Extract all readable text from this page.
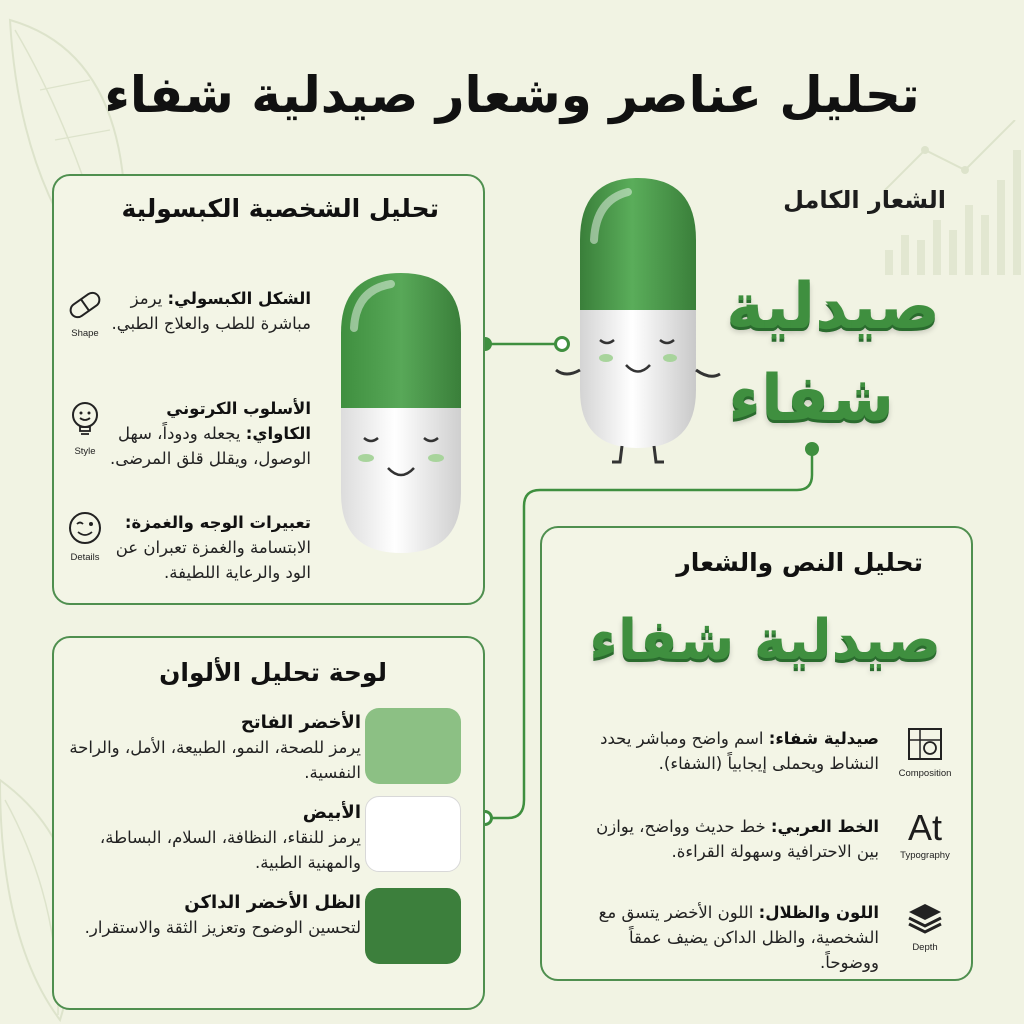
تحليل عناصر وشعار صيدلية شفاء
تحليل الشخصية الكبسولية
الشكل الكبسولي: يرمز مباشرة للطب والعلاج الطبي.
Shape
الأسلوب الكرتوني الكاواي: يجعله ودوداً، سهل الوصول، ويقلل قلق المرضى.
Style
تعبيرات الوجه والغمزة: الابتسامة والغمزة تعبران عن الود والرعاية اللطيفة.
Details
الشعار الكامل
صيدلية
شفاء
لوحة تحليل الألوان
الأخضر الفاتح
يرمز للصحة، النمو، الطبيعة، الأمل، والراحة النفسية.
الأبيض
يرمز للنقاء، النظافة، السلام، البساطة، والمهنية الطبية.
الظل الأخضر الداكن
لتحسين الوضوح وتعزيز الثقة والاستقرار.
تحليل النص والشعار
صيدلية شفاء
صيدلية شفاء: اسم واضح ومباشر يحدد النشاط ويحملى إيجابياً (الشفاء).
Composition
الخط العربي: خط حديث وواضح، يوازن بين الاحترافية وسهولة القراءة.
At
Typography
اللون والظلال: اللون الأخضر يتسق مع الشخصية، والظل الداكن يضيف عمقاً ووضوحاً.
Depth
